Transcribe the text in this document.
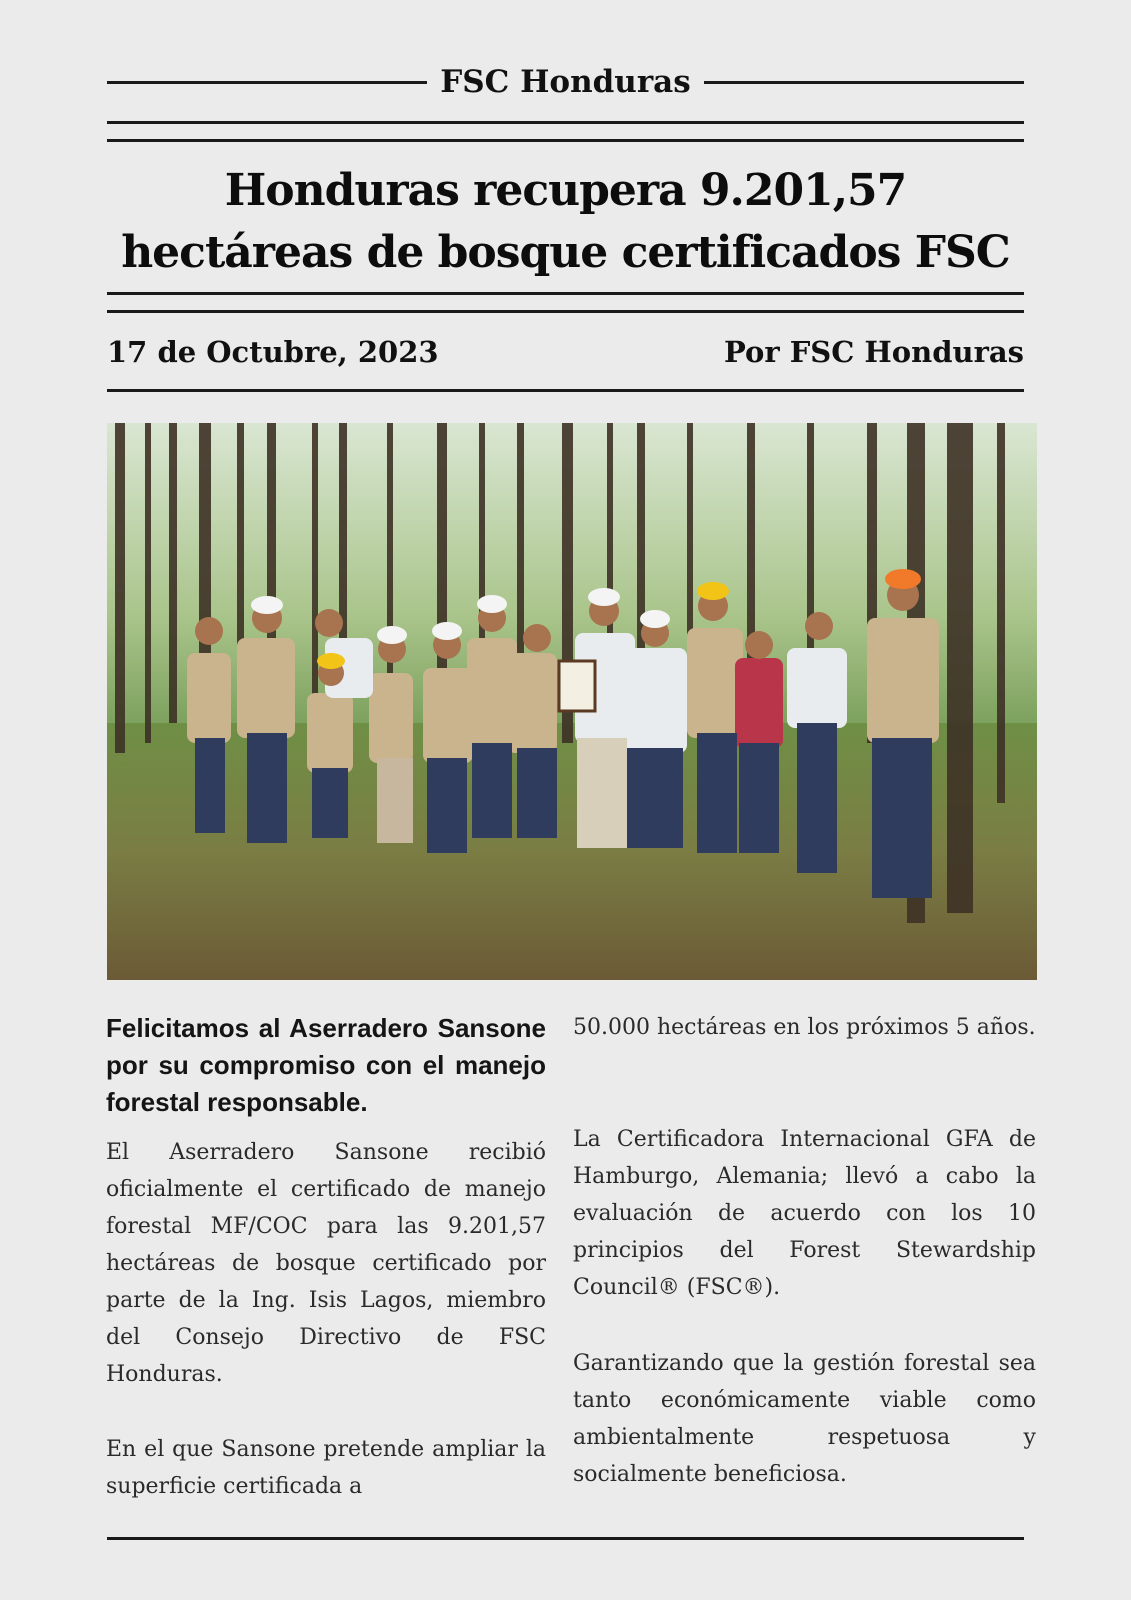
FSC Honduras
Honduras recupera 9.201,57 hectáreas de bosque certificados FSC
17 de Octubre, 2023	Por FSC Honduras
Felicitamos al Aserradero Sansone por su compromiso con el manejo forestal responsable.

El Aserradero Sansone recibió oficialmente el certificado de manejo forestal MF/COC para las 9.201,57 hectáreas de bosque certificado por parte de la Ing. Isis Lagos, miembro del Consejo Directivo de FSC Honduras.

En el que Sansone pretende ampliar la superficie certificada a

50.000 hectáreas en los próximos 5 años.

La Certificadora Internacional GFA de Hamburgo, Alemania; llevó a cabo la evaluación de acuerdo con los 10 principios del Forest Stewardship Council® (FSC®).

Garantizando que la gestión forestal sea tanto económicamente viable como ambientalmente respetuosa y socialmente beneficiosa.
